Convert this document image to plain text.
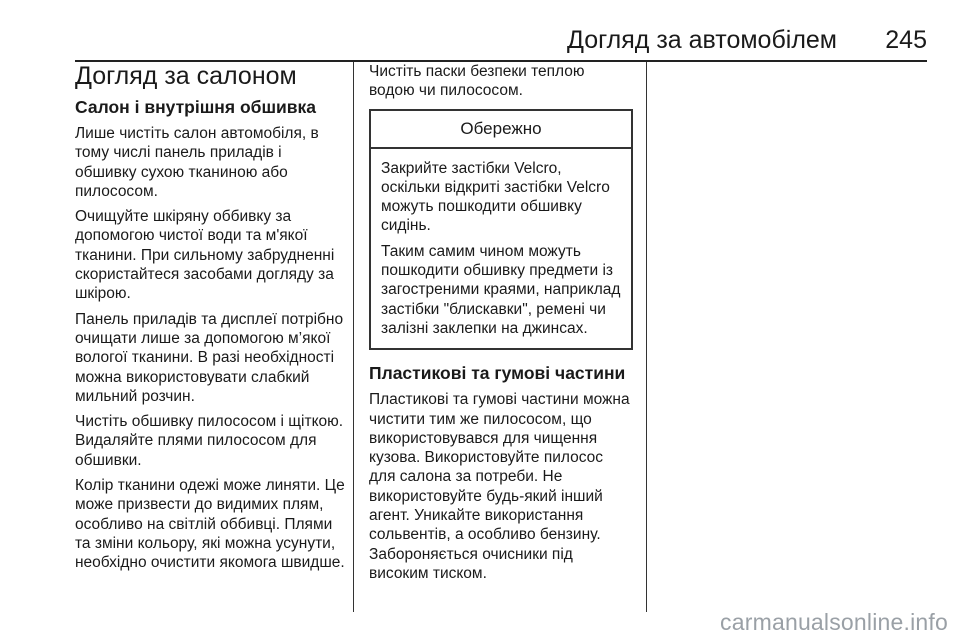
Догляд за автомобілем 245
Догляд за салоном
Салон і внутрішня обшивка
Лише чистіть салон автомобіля, в тому числі панель приладів і обшивку сухою тканиною або пилососом.
Очищуйте шкіряну оббивку за допомогою чистої води та м'якої тканини. При сильному забрудненні скористайтеся засобами догляду за шкірою.
Панель приладів та дисплеї потрібно очищати лише за допомогою м’якої вологої тканини. В разі необхідності можна використовувати слабкий мильний розчин.
Чистіть обшивку пилососом і щіткою. Видаляйте плями пилососом для обшивки.
Колір тканини одежі може линяти. Це може призвести до видимих плям, особливо на світлій оббивці. Плями та зміни кольору, які можна усунути, необхідно очистити якомога швидше.
Чистіть паски безпеки теплою водою чи пилососом.
Обережно
Закрийте застібки Velcro, оскільки відкриті застібки Velcro можуть пошкодити обшивку сидінь.
Таким самим чином можуть пошкодити обшивку предмети із загостреними краями, наприклад застібки "блискавки", ремені чи залізні заклепки на джинсах.
Пластикові та гумові частини
Пластикові та гумові частини можна чистити тим же пилососом, що використовувався для чищення кузова. Використовуйте пилосос для салона за потреби. Не використовуйте будь-який інший агент. Уникайте використання сольвентів, а особливо бензину. Забороняється очисники під високим тиском.
carmanualsonline.info
